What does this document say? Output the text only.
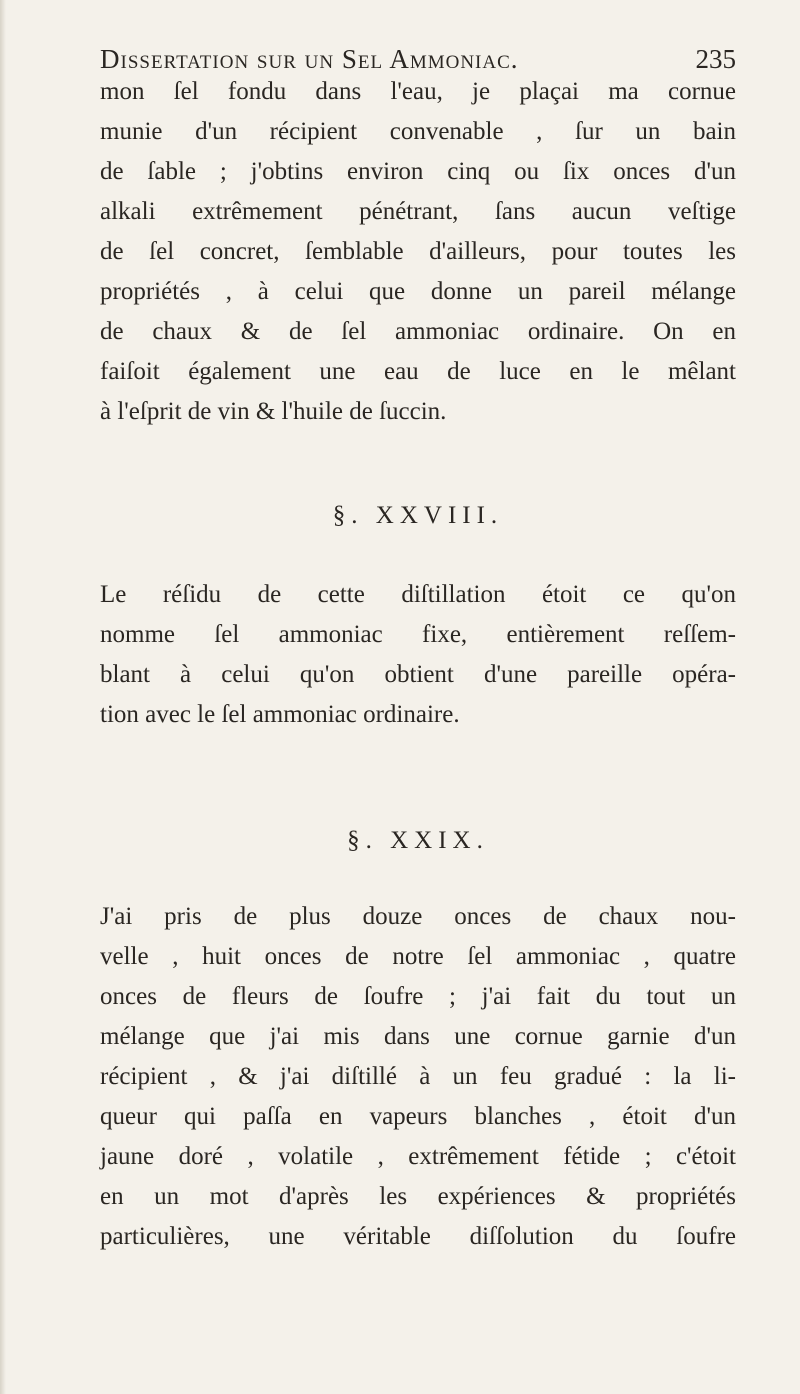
Dissertation sur un Sel Ammoniac.	235
mon ſel fondu dans l'eau, je plaçai ma cornue
munie d'un récipient convenable , ſur un bain
de ſable ; j'obtins environ cinq ou ſix onces d'un
alkali extrêmement pénétrant, ſans aucun veſtige
de ſel concret, ſemblable d'ailleurs, pour toutes les
propriétés , à celui que donne un pareil mélange
de chaux & de ſel ammoniac ordinaire. On en
faiſoit également une eau de luce en le mêlant
à l'eſprit de vin & l'huile de ſuccin.
§. XXVIII.
Le réſidu de cette diſtillation étoit ce qu'on
nomme ſel ammoniac fixe, entièrement reſſem-
blant à celui qu'on obtient d'une pareille opéra-
tion avec le ſel ammoniac ordinaire.
§. XXIX.
J'ai pris de plus douze onces de chaux nou-
velle , huit onces de notre ſel ammoniac , quatre
onces de fleurs de ſoufre ; j'ai fait du tout un
mélange que j'ai mis dans une cornue garnie d'un
récipient , & j'ai diſtillé à un feu gradué : la li-
queur qui paſſa en vapeurs blanches , étoit d'un
jaune doré , volatile , extrêmement fétide ; c'étoit
en un mot d'après les expériences & propriétés
particulières, une véritable diſſolution du ſoufre
